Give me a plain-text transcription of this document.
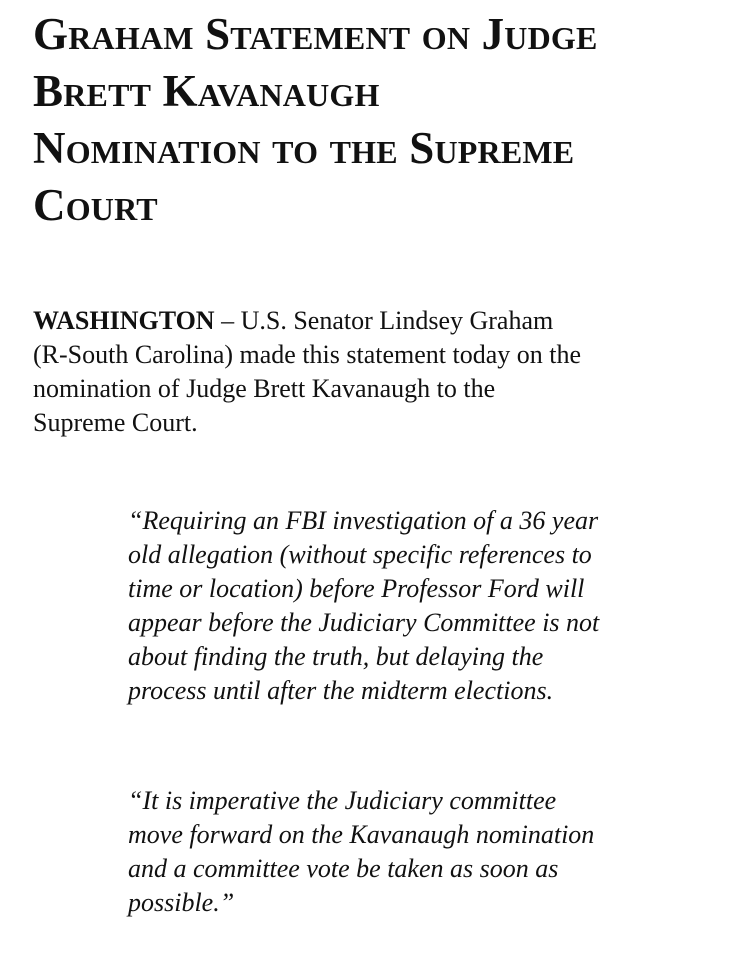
Graham Statement on Judge
Brett Kavanaugh
Nomination to the Supreme
Court

WASHINGTON – U.S. Senator Lindsey Graham
(R-South Carolina) made this statement today on the
nomination of Judge Brett Kavanaugh to the
Supreme Court.

“Requiring an FBI investigation of a 36 year
old allegation (without specific references to
time or location) before Professor Ford will
appear before the Judiciary Committee is not
about finding the truth, but delaying the
process until after the midterm elections.

“It is imperative the Judiciary committee
move forward on the Kavanaugh nomination
and a committee vote be taken as soon as
possible.”
